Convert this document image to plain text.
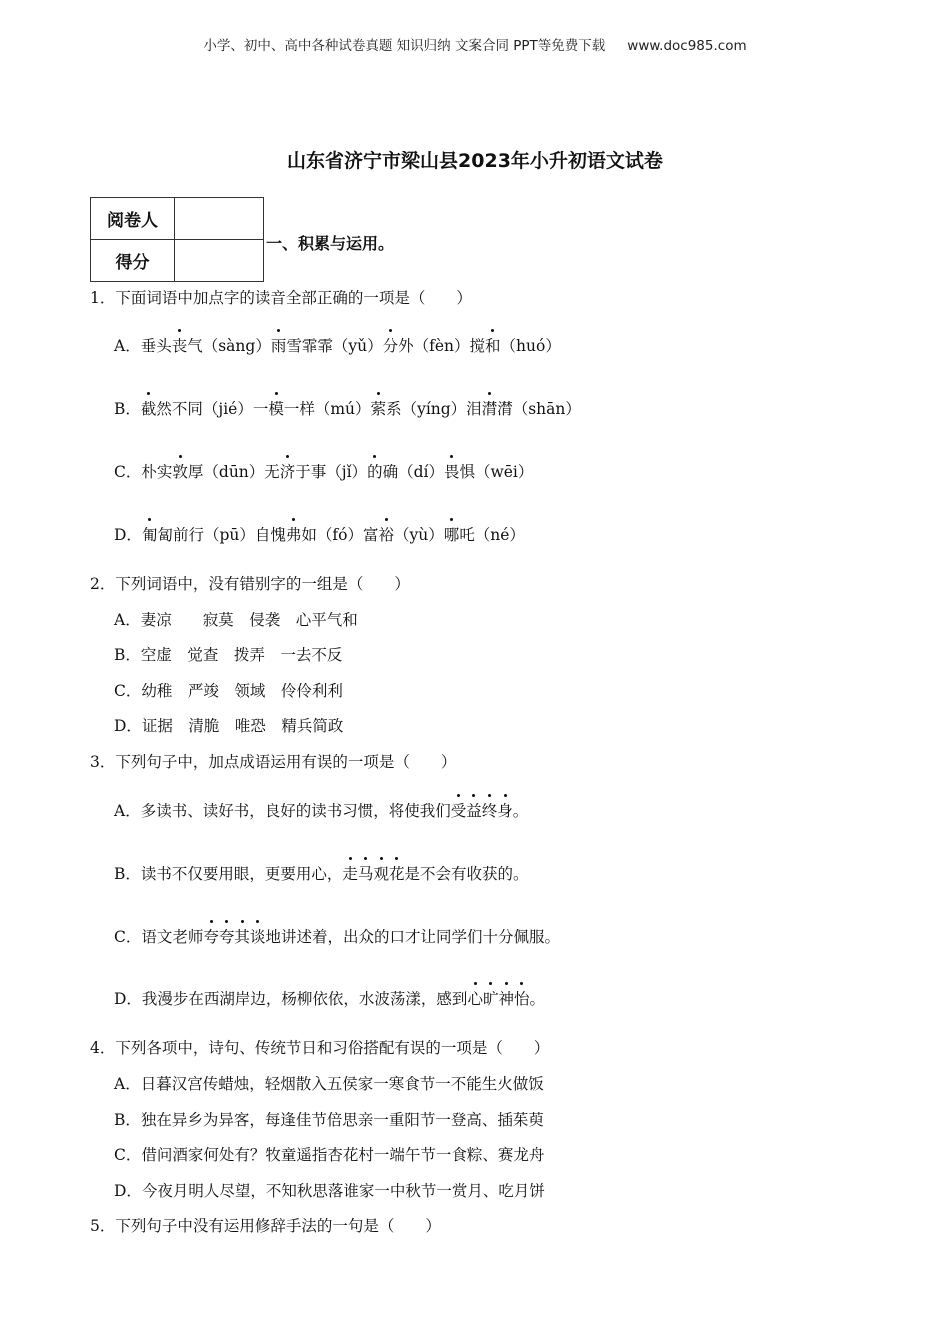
小学、初中、高中各种试卷真题 知识归纳 文案合同 PPT等免费下载 www.doc985.com
山东省济宁市梁山县2023年小升初语文试卷
阅卷人	
得分	
一、积累与运用。
1．下面词语中加点字的读音全部正确的一项是（　　）
A．垂头丧气（sàng）雨雪霏霏（yǔ）分外（fèn）搅和（huó）
B．截然不同（jié）一模一样（mú）萦系（yíng）泪潸潸（shān）
C．朴实敦厚（dūn）无济于事（jǐ）的确（dí）畏惧（wēi）
D．匍匐前行（pū）自愧弗如（fó）富裕（yù）哪吒（né）
2．下列词语中，没有错别字的一组是（　　）
A．妻凉　　寂莫　侵袭　心平气和
B．空虚　觉查　拨弄　一去不反
C．幼稚　严竣　领域　伶伶利利
D．证据　清脆　唯恐　精兵简政
3．下列句子中，加点成语运用有误的一项是（　　）
A．多读书、读好书，良好的读书习惯，将使我们受益终身。
B．读书不仅要用眼，更要用心，走马观花是不会有收获的。
C．语文老师夸夸其谈地讲述着，出众的口才让同学们十分佩服。
D．我漫步在西湖岸边，杨柳依依，水波荡漾，感到心旷神怡。
4．下列各项中，诗句、传统节日和习俗搭配有误的一项是（　　）
A．日暮汉宫传蜡烛，轻烟散入五侯家一寒食节一不能生火做饭
B．独在异乡为异客，每逢佳节倍思亲一重阳节一登高、插茱萸
C．借问酒家何处有？牧童遥指杏花村一端午节一食粽、赛龙舟
D．今夜月明人尽望，不知秋思落谁家一中秋节一赏月、吃月饼
5．下列句子中没有运用修辞手法的一句是（　　）
